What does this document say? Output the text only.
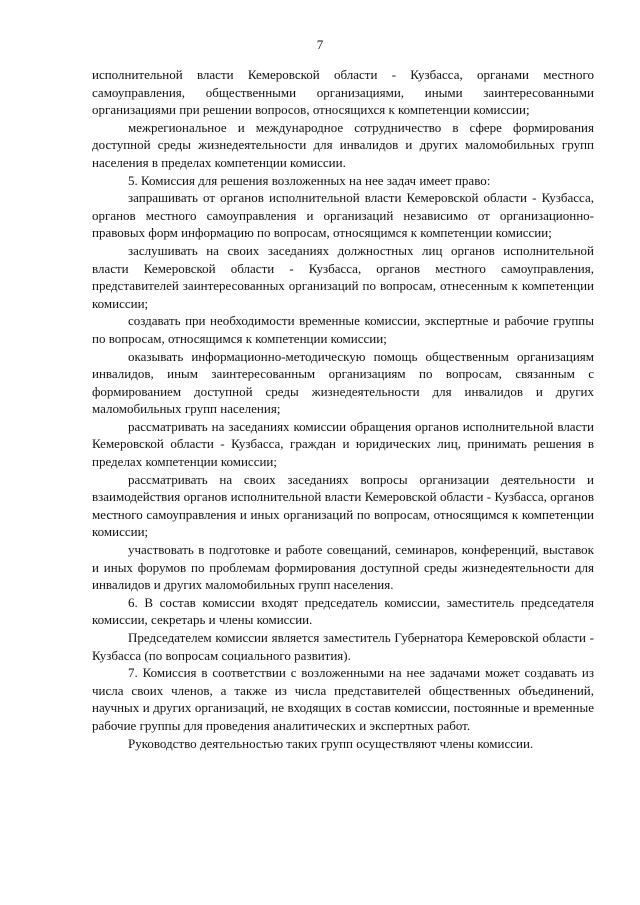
7

исполнительной власти Кемеровской области - Кузбасса, органами местного самоуправления, общественными организациями, иными заинтересованными организациями при решении вопросов, относящихся к компетенции комиссии;

межрегиональное и международное сотрудничество в сфере формирования доступной среды жизнедеятельности для инвалидов и других маломобильных групп населения в пределах компетенции комиссии.

5. Комиссия для решения возложенных на нее задач имеет право:

запрашивать от органов исполнительной власти Кемеровской области - Кузбасса, органов местного самоуправления и организаций независимо от организационно-правовых форм информацию по вопросам, относящимся к компетенции комиссии;

заслушивать на своих заседаниях должностных лиц органов исполнительной власти Кемеровской области - Кузбасса, органов местного самоуправления, представителей заинтересованных организаций по вопросам, отнесенным к компетенции комиссии;

создавать при необходимости временные комиссии, экспертные и рабочие группы по вопросам, относящимся к компетенции комиссии;

оказывать информационно-методическую помощь общественным организациям инвалидов, иным заинтересованным организациям по вопросам, связанным с формированием доступной среды жизнедеятельности для инвалидов и других маломобильных групп населения;

рассматривать на заседаниях комиссии обращения органов исполнительной власти Кемеровской области - Кузбасса, граждан и юридических лиц, принимать решения в пределах компетенции комиссии;

рассматривать на своих заседаниях вопросы организации деятельности и взаимодействия органов исполнительной власти Кемеровской области - Кузбасса, органов местного самоуправления и иных организаций по вопросам, относящимся к компетенции комиссии;

участвовать в подготовке и работе совещаний, семинаров, конференций, выставок и иных форумов по проблемам формирования доступной среды жизнедеятельности для инвалидов и других маломобильных групп населения.

6. В состав комиссии входят председатель комиссии, заместитель председателя комиссии, секретарь и члены комиссии.

Председателем комиссии является заместитель Губернатора Кемеровской области - Кузбасса (по вопросам социального развития).

7. Комиссия в соответствии с возложенными на нее задачами может создавать из числа своих членов, а также из числа представителей общественных объединений, научных и других организаций, не входящих в состав комиссии, постоянные и временные рабочие группы для проведения аналитических и экспертных работ.

Руководство деятельностью таких групп осуществляют члены комиссии.
